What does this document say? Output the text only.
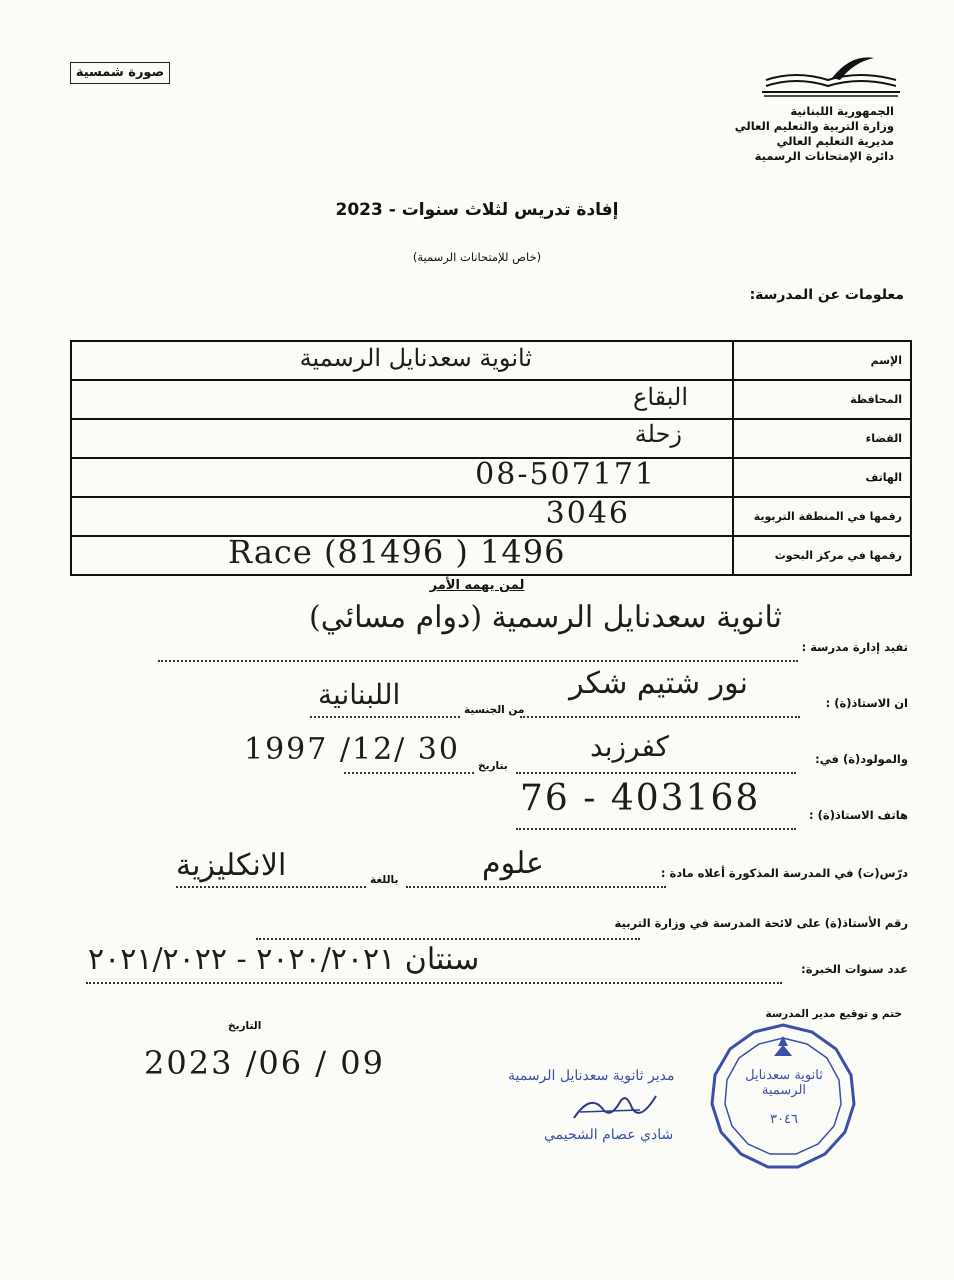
صورة شمسية
الجمهورية اللبنانية
وزارة التربية والتعليم العالي
مديرية التعليم العالي
دائرة الإمتحانات الرسمية
إفادة تدريس لثلاث سنوات - 2023
(خاص للإمتحانات الرسمية)
معلومات عن المدرسة:
الإسم	ثانوية سعدنايل الرسمية

المحافظة	البقاع

القضاء	زحلة

الهاتف	08-507171

رقمها في المنطقة التربوية	3046

رقمها في مركز البحوث	Race (81496 ) 1496
لمن يهمه الأمر
تفيد إدارة مدرسة :
ثانوية سعدنايل الرسمية (دوام مسائي)
ان الاستاذ(ة) :
نور شتيم شكر
من الجنسية
اللبنانية
والمولود(ة) في:
كفرزبد
بتاريخ
1997 /12/ 30
هاتف الاستاذ(ة) :
76 - 403168
درّس(ت) في المدرسة المذكورة أعلاه مادة :
علوم
باللغة
الانكليزية
رقم الأستاذ(ة) على لائحة المدرسة في وزارة التربية
عدد سنوات الخبرة:
سنتان ٢٠٢٠/٢٠٢١ - ٢٠٢١/٢٠٢٢
ختم و توقيع مدير المدرسة
التاريخ
2023 /06 / 09	مدير ثانوية سعدنايل الرسمية
شادي عصام الشحيمي
ثانوية سعدنايل الرسمية
٣٠٤٦
